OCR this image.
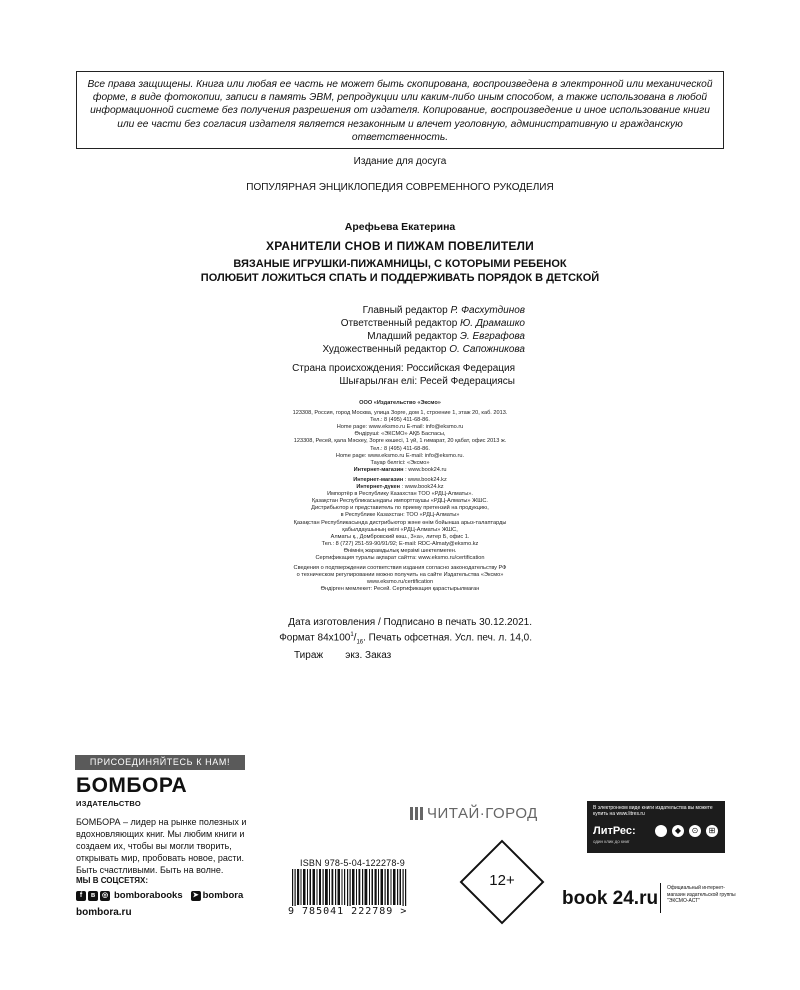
Все права защищены. Книга или любая ее часть не может быть скопирована, воспроизведена в электронной или механической форме, в виде фотокопии, записи в память ЭВМ, репродукции или каким-либо иным способом, а также использована в любой информационной системе без получения разрешения от издателя. Копирование, воспроизведение и иное использование книги или ее части без согласия издателя является незаконным и влечет уголовную, административную и гражданскую ответственность.
Издание для досуга
ПОПУЛЯРНАЯ ЭНЦИКЛОПЕДИЯ СОВРЕМЕННОГО РУКОДЕЛИЯ
Арефьева Екатерина
ХРАНИТЕЛИ СНОВ И ПИЖАМ ПОВЕЛИТЕЛИ
ВЯЗАНЫЕ ИГРУШКИ-ПИЖАМНИЦЫ, С КОТОРЫМИ РЕБЕНОК
ПОЛЮБИТ ЛОЖИТЬСЯ СПАТЬ И ПОДДЕРЖИВАТЬ ПОРЯДОК В ДЕТСКОЙ
Главный редактор Р. Фасхутдинов
Ответственный редактор Ю. Драмашко
Младший редактор Э. Евграфова
Художественный редактор О. Сапожникова
Страна происхождения: Российская Федерация
Шығарылған елі: Ресей Федерациясы
ООО «Издательство «Эксмо»
123308, Россия, город Москва, улица Зорге, дом 1, строение 1, этаж 20, каб. 2013.
Тел.: 8 (495) 411-68-86.
Home page: www.eksmo.ru E-mail: info@eksmo.ru
Өндіруші: «ЭКСМО» АҚБ Баспасы,
123308, Ресей, қала Мәскеу, Зорге көшесі, 1 үй, 1 ғимарат, 20 қабат, офис 2013 ж.
Тел.: 8 (495) 411-68-86.
Home page: www.eksmo.ru E-mail: info@eksmo.ru.
Тауар белгісі: «Эксмо»
Интернет-магазин : www.book24.ru
Интернет-магазин : www.book24.kz
Интернет-дүкен : www.book24.kz
Импортёр в Республику Казахстан ТОО «РДЦ-Алматы».
Қазақстан Республикасындағы импорттаушы «РДЦ-Алматы» ЖШС.
Дистрибьютор и представитель по приему претензий на продукцию,
в Республике Казахстан: ТОО «РДЦ-Алматы»
Қазақстан Республикасында дистрибьютор және өнім бойынша арыз-талаптарды
қабылдаушының өкілі «РДЦ-Алматы» ЖШС,
Алматы қ., Домбровский көш., 3«а», литер Б, офис 1.
Тел.: 8 (727) 251-59-90/91/92; E-mail: RDC-Almaty@eksmo.kz
Өнімнің жарамдылық мерзімі шектелмеген.
Сертификация туралы ақпарат сайтта: www.eksmo.ru/certification
Сведения о подтверждении соответствия издания согласно законодательству РФ
о техническом регулировании можно получить на сайте Издательства «Эксмо»
www.eksmo.ru/certification
Өндірген мемлекет: Ресей. Сертификация қарастырылмаған
Дата изготовления / Подписано в печать 30.12.2021.
Формат $84x100^1/_{16}$. Печать офсетная. Усл. печ. л. 14,0.
Тираж        экз. Заказ
ПРИСОЕДИНЯЙТЕСЬ К НАМ!
БОМБОРА
ИЗДАТЕЛЬСТВО
БОМБОРА – лидер на рынке полезных и вдохновляющих книг. Мы любим книги и создаем их, чтобы вы могли творить, открывать мир, пробовать новое, расти. Быть счастливыми. Быть на волне.
МЫ В СОЦСЕТЯХ:
f	в ◎ bomborabooks ➤ bombora
bombora.ru
ISBN 978-5-04-122278-9
9 785041 222789 >
ЧИТАЙ·ГОРОД
12+
В электронном виде книги издательства вы можете купить на www.litres.ru
ЛитРес:
один клик до книг
◆	⊙	⊞
book 24.ru Официальный интернет-магазин издательской группы "ЭКСМО-АСТ"
